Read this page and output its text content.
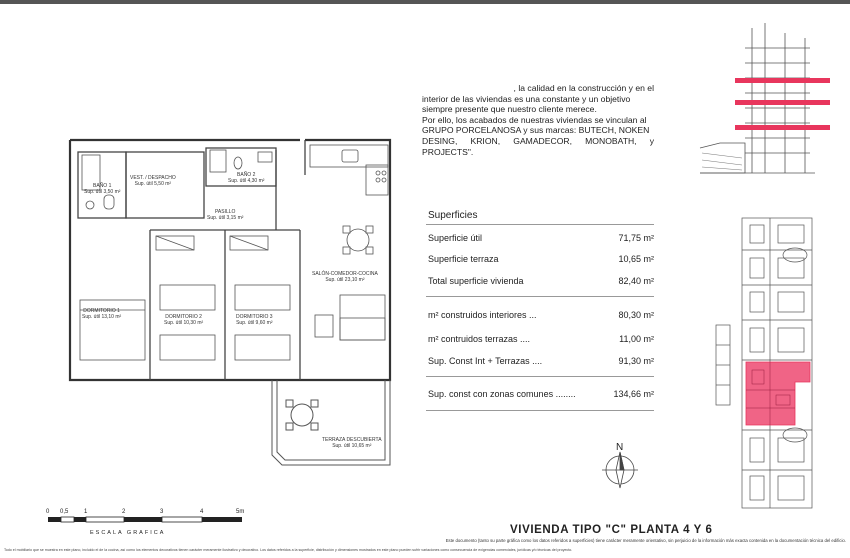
BAÑO 1
Sup. útil 3,50 m²
VEST. / DESPACHO
Sup. útil 5,50 m²
BAÑO 2
Sup. útil 4,30 m²
PASILLO
Sup. útil 3,15 m²
SALÓN-COMEDOR-COCINA
Sup. útil 23,10 m²
DORMITORIO 1
Sup. útil 13,10 m²	DORMITORIO 2
Sup. útil 10,30 m²
DORMITORIO 3
Sup. útil 9,60 m²
TERRAZA DESCUBIERTA
Sup. útil 10,65 m²

, la calidad en la construcción y en el

interior de las viviendas es una constante y un objetivo

siempre presente que nuestro cliente merece.

Por ello, los acabados de nuestras viviendas se vinculan al

GRUPO PORCELANOSA y sus marcas: BUTECH, NOKEN

DESING, KRION, GAMADECOR, MONOBATH, y PROJECTS".

Superficies
Superficie útil	71,75 m²
Superficie terraza	10,65 m²
Total superficie vivienda	82,40 m²
m² construidos interiores ...	80,30 m²
m² contruidos terrazas ....	11,00 m²
Sup. Const Int + Terrazas ....	91,30 m²
Sup. const con zonas comunes ........	134,66 m²
0 0,5	1	2	3	4	5m
ESCALA GRAFICA
N
VIVIENDA TIPO "C" PLANTA 4 Y 6
Este documento (tanto su parte gráfica como los datos referidos a superficies) tiene carácter meramente orientativo, sin perjuicio de la información más exacta contenida en la documentación técnica del edificio.
Todo el mobiliario que se muestra en este plano, incluido el de la cocina, así como los elementos decorativos tienen carácter meramente ilustrativo y decorativo. Los datos referidos a la superficie, distribución y dimensiones mostrados en este plano pueden sufrir variaciones como consecuencia de exigencias comerciales, jurídicas y/o técnicas del proyecto.
